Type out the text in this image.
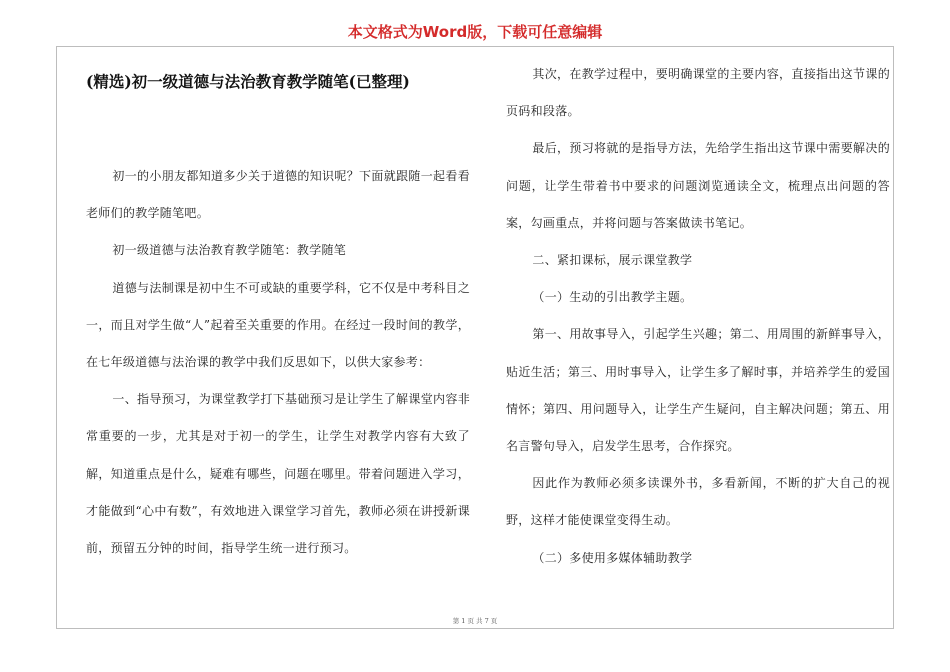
本文格式为Word版，下载可任意编辑
(精选)初一级道德与法治教育教学随笔(已整理)

初一的小朋友都知道多少关于道德的知识呢？下面就跟随一起看看老师们的教学随笔吧。

初一级道德与法治教育教学随笔：教学随笔

道德与法制课是初中生不可或缺的重要学科，它不仅是中考科目之一，而且对学生做“人”起着至关重要的作用。在经过一段时间的教学，在七年级道德与法治课的教学中我们反思如下，以供大家参考：

一、指导预习，为课堂教学打下基础预习是让学生了解课堂内容非常重要的一步，尤其是对于初一的学生，让学生对教学内容有大致了解，知道重点是什么，疑难有哪些，问题在哪里。带着问题进入学习，才能做到“心中有数”，有效地进入课堂学习首先，教师必须在讲授新课前，预留五分钟的时间，指导学生统一进行预习。

其次，在教学过程中，要明确课堂的主要内容，直接指出这节课的页码和段落。

最后，预习将就的是指导方法，先给学生指出这节课中需要解决的问题，让学生带着书中要求的问题浏览通读全文，梳理点出问题的答案，勾画重点，并将问题与答案做读书笔记。

二、紧扣课标，展示课堂教学

（一）生动的引出教学主题。

第一、用故事导入，引起学生兴趣；第二、用周围的新鲜事导入，贴近生活；第三、用时事导入，让学生多了解时事，并培养学生的爱国情怀；第四、用问题导入，让学生产生疑问，自主解决问题；第五、用名言警句导入，启发学生思考，合作探究。

因此作为教师必须多读课外书，多看新闻，不断的扩大自己的视野，这样才能使课堂变得生动。

（二）多使用多媒体辅助教学

第 1 页 共 7 页
